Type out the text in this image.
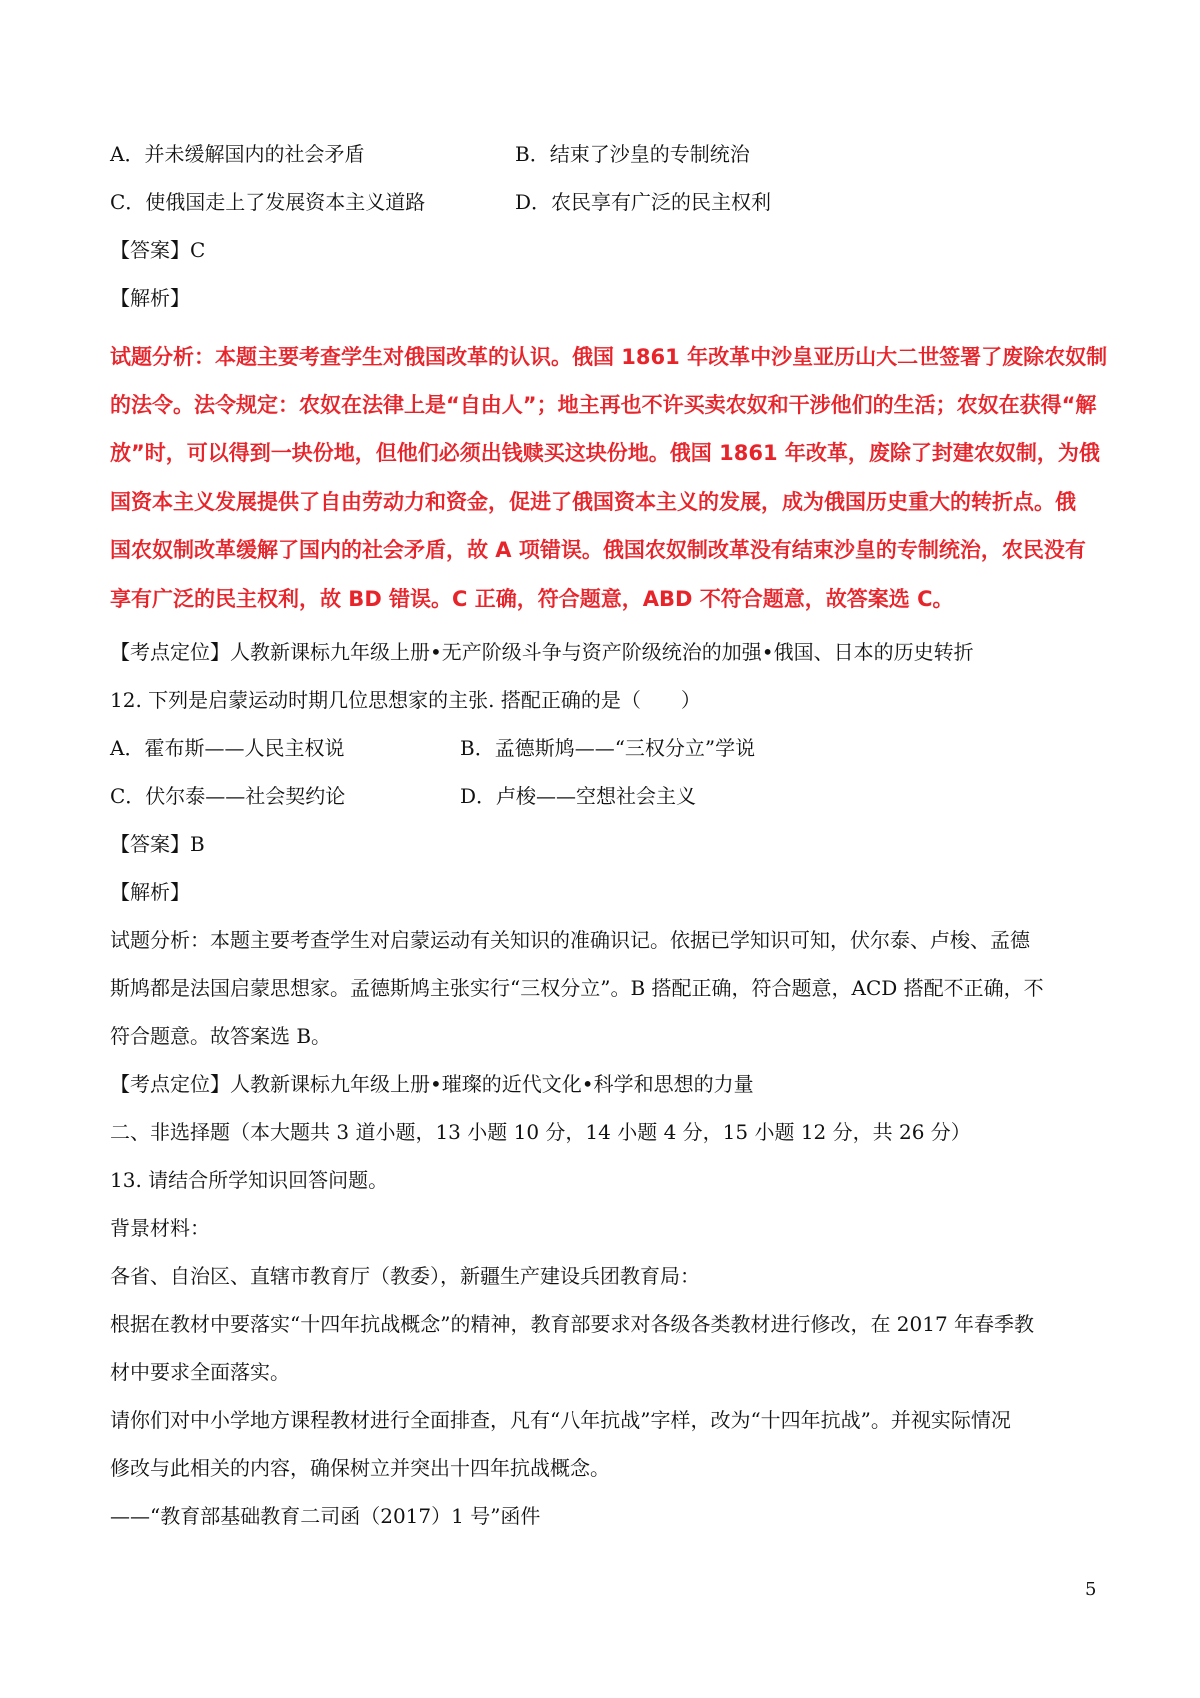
A．并未缓解国内的社会矛盾	B．结束了沙皇的专制统治
C．使俄国走上了发展资本主义道路	D．农民享有广泛的民主权利
【答案】C
【解析】
试题分析：本题主要考查学生对俄国改革的认识。俄国 1861 年改革中沙皇亚历山大二世签署了废除农奴制
的法令。法令规定：农奴在法律上是“自由人”；地主再也不许买卖农奴和干涉他们的生活；农奴在获得“解
放”时，可以得到一块份地，但他们必须出钱赎买这块份地。俄国 1861 年改革，废除了封建农奴制，为俄
国资本主义发展提供了自由劳动力和资金，促进了俄国资本主义的发展，成为俄国历史重大的转折点。俄
国农奴制改革缓解了国内的社会矛盾，故 A 项错误。俄国农奴制改革没有结束沙皇的专制统治，农民没有
享有广泛的民主权利，故 BD 错误。C 正确，符合题意，ABD 不符合题意，故答案选 C。
【考点定位】人教新课标九年级上册•无产阶级斗争与资产阶级统治的加强•俄国、日本的历史转折
12. 下列是启蒙运动时期几位思想家的主张. 搭配正确的是（　　）
A．霍布斯——人民主权说	B．孟德斯鸠——“三权分立”学说
C．伏尔泰——社会契约论	D．卢梭——空想社会主义
【答案】B
【解析】
试题分析：本题主要考查学生对启蒙运动有关知识的准确识记。依据已学知识可知，伏尔泰、卢梭、孟德
斯鸠都是法国启蒙思想家。孟德斯鸠主张实行“三权分立”。B 搭配正确，符合题意，ACD 搭配不正确，不
符合题意。故答案选 B。
【考点定位】人教新课标九年级上册•璀璨的近代文化•科学和思想的力量
二、非选择题（本大题共 3 道小题，13 小题 10 分，14 小题 4 分，15 小题 12 分，共 26 分）
13. 请结合所学知识回答问题。
背景材料：
各省、自治区、直辖市教育厅（教委），新疆生产建设兵团教育局：
根据在教材中要落实“十四年抗战概念”的精神，教育部要求对各级各类教材进行修改，在 2017 年春季教
材中要求全面落实。
请你们对中小学地方课程教材进行全面排查，凡有“八年抗战”字样，改为“十四年抗战”。并视实际情况
修改与此相关的内容，确保树立并突出十四年抗战概念。
——“教育部基础教育二司函（2017）1 号”函件
5
